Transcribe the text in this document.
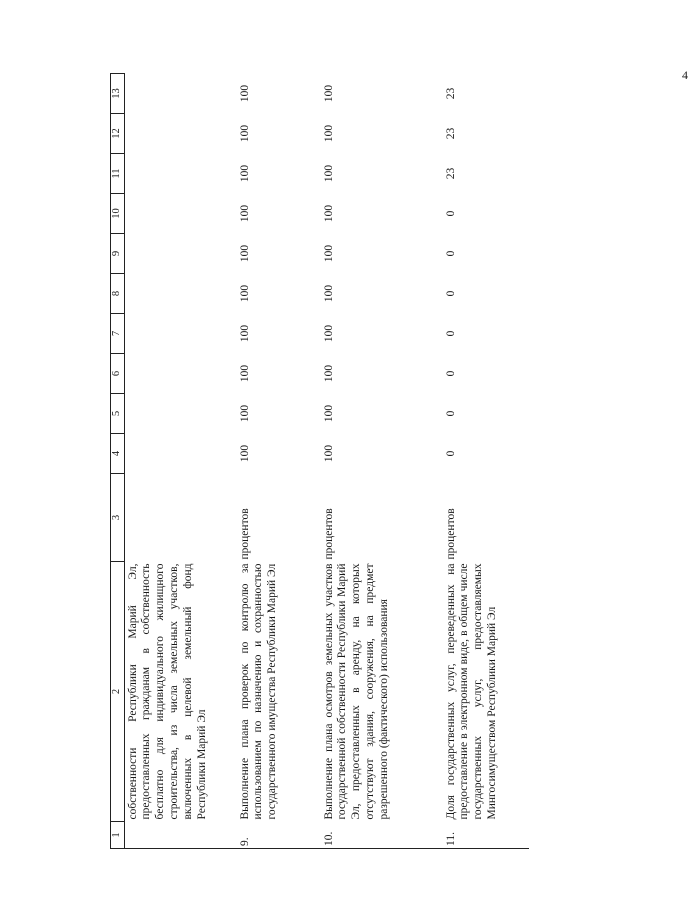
4
1	2	3	4	5	6	7	8	9	10	11	12	13
	собственности Республики Марий Эл, предоставленных гражданам в собственность бесплатно для индивидуального жилищного строительства, из числа земельных участков, включенных в целевой земельный фонд Республики Марий Эл											
9.	Выполнение плана проверок по контролю за использованием по назначению и сохранностью государственного имущества Республики Марий Эл	процентов	100	100	100	100	100	100	100	100	100	100
10.	Выполнение плана осмотров земельных участков государственной собственности Республики Марий Эл, предоставленных в аренду, на которых отсутствуют здания, сооружения, на предмет разрешенного (фактического) использования	процентов	100	100	100	100	100	100	100	100	100	100
11.	Доля государственных услуг, переведенных на предоставление в электронном виде, в общем числе государственных услуг, предоставляемых Мингосимуществом Республики Марий Эл	процентов	0	0	0	0	0	0	0	23	23	23
